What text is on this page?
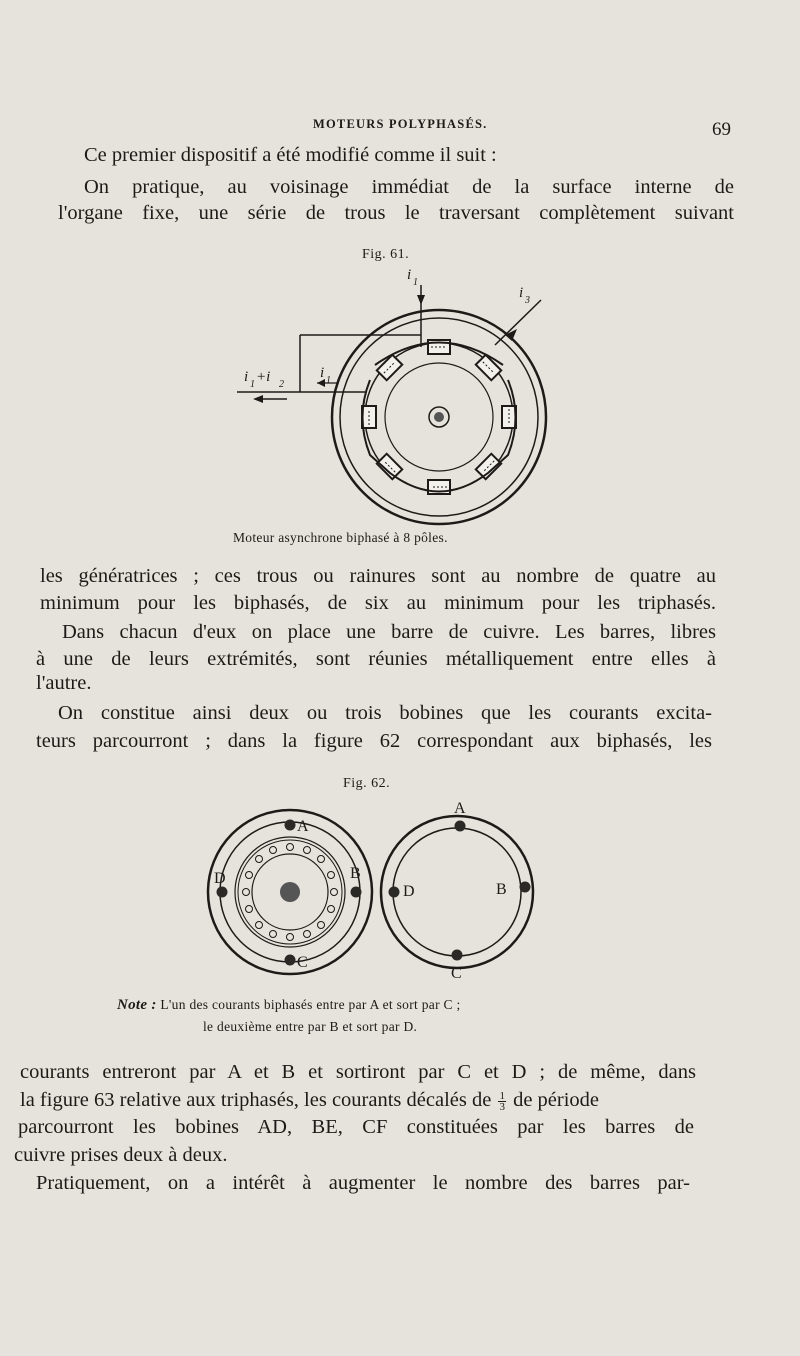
MOTEURS POLYPHASÉS.	69
Ce premier dispositif a été modifié comme il suit :
On pratique, au voisinage immédiat de la surface interne de
l'organe fixe, une série de trous le traversant complètement suivant
Fig. 61.
i 1
i 3
i 1 +i 2
i 1
Moteur asynchrone biphasé à 8 pôles.
les génératrices ; ces trous ou rainures sont au nombre de quatre au
minimum pour les biphasés, de six au minimum pour les triphasés.
Dans chacun d'eux on place une barre de cuivre. Les barres, libres
à une de leurs extrémités, sont réunies métalliquement entre elles à
l'autre.
On constitue ainsi deux ou trois bobines que les courants excita-
teurs parcourront ; dans la figure 62 correspondant aux biphasés, les
Fig. 62.
A
B
C
D
A
B
C
D
Note : L'un des courants biphasés entre par A et sort par C ;
le deuxième entre par B et sort par D.
courants entreront par A et B et sortiront par C et D ; de même, dans
la figure 63 relative aux triphasés, les courants décalés de $\frac{1}{3}$ de période
parcourront les bobines AD, BE, CF constituées par les barres de
cuivre prises deux à deux.
Pratiquement, on a intérêt à augmenter le nombre des barres par-
